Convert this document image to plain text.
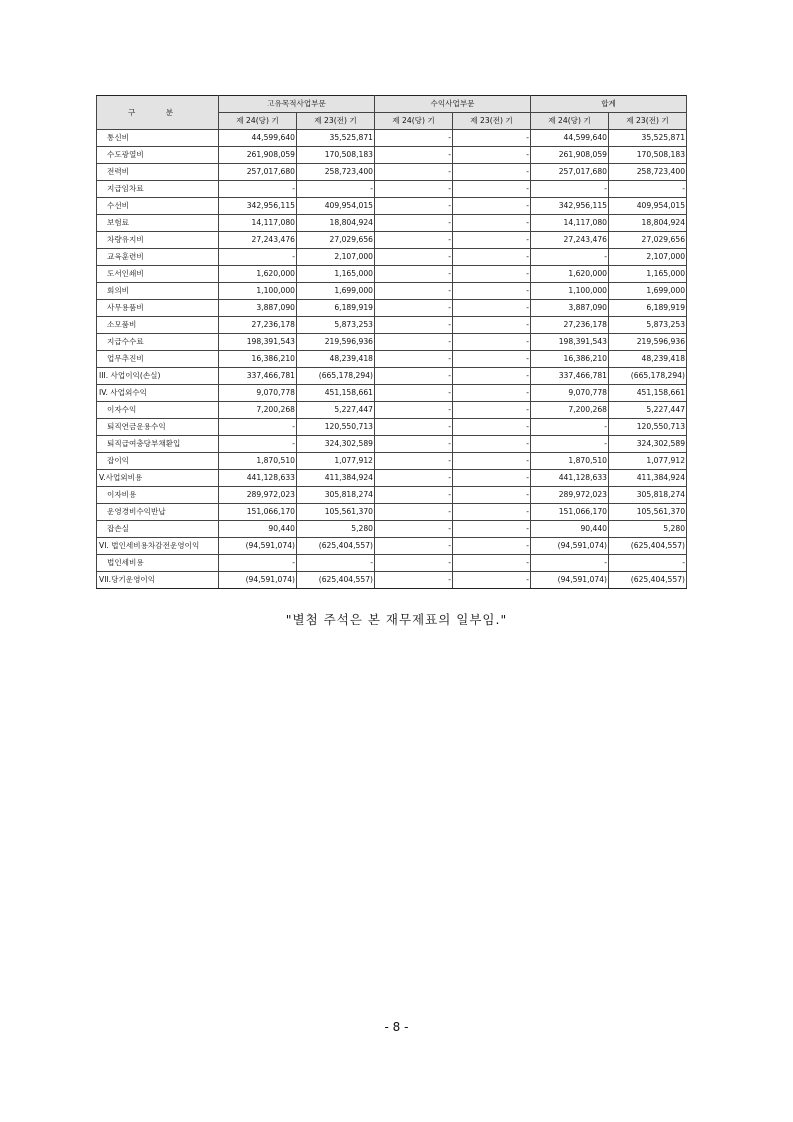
구 분	고유목적사업부문		수익사업부문		합계	
	제 24(당) 기	제 23(전) 기	제 24(당) 기	제 23(전) 기	제 24(당) 기	제 23(전) 기
통신비	44,599,640	35,525,871	-	-	44,599,640	35,525,871
수도광열비	261,908,059	170,508,183	-	-	261,908,059	170,508,183
전력비	257,017,680	258,723,400	-	-	257,017,680	258,723,400
지급임차료	-	-	-	-	-	-
수선비	342,956,115	409,954,015	-	-	342,956,115	409,954,015
보험료	14,117,080	18,804,924	-	-	14,117,080	18,804,924
차량유지비	27,243,476	27,029,656	-	-	27,243,476	27,029,656
교육훈련비	-	2,107,000	-	-	-	2,107,000
도서인쇄비	1,620,000	1,165,000	-	-	1,620,000	1,165,000
회의비	1,100,000	1,699,000	-	-	1,100,000	1,699,000
사무용품비	3,887,090	6,189,919	-	-	3,887,090	6,189,919
소모품비	27,236,178	5,873,253	-	-	27,236,178	5,873,253
지급수수료	198,391,543	219,596,936	-	-	198,391,543	219,596,936
업무추진비	16,386,210	48,239,418	-	-	16,386,210	48,239,418
III. 사업이익(손실)	337,466,781	(665,178,294)	-	-	337,466,781	(665,178,294)
IV. 사업외수익	9,070,778	451,158,661	-	-	9,070,778	451,158,661
이자수익	7,200,268	5,227,447	-	-	7,200,268	5,227,447
퇴직연금운용수익	-	120,550,713	-	-	-	120,550,713
퇴직급여충당부채환입	-	324,302,589	-	-	-	324,302,589
잡이익	1,870,510	1,077,912	-	-	1,870,510	1,077,912
V.사업외비용	441,128,633	411,384,924	-	-	441,128,633	411,384,924
이자비용	289,972,023	305,818,274	-	-	289,972,023	305,818,274
운영경비수익반납	151,066,170	105,561,370	-	-	151,066,170	105,561,370
잡손실	90,440	5,280	-	-	90,440	5,280
VI. 법인세비용차감전운영이익	(94,591,074)	(625,404,557)	-	-	(94,591,074)	(625,404,557)
법인세비용	-	-	-	-	-	-
VII.당기운영이익	(94,591,074)	(625,404,557)	-	-	(94,591,074)	(625,404,557)
"별첨 주석은 본 재무제표의 일부임."
- 8 -
